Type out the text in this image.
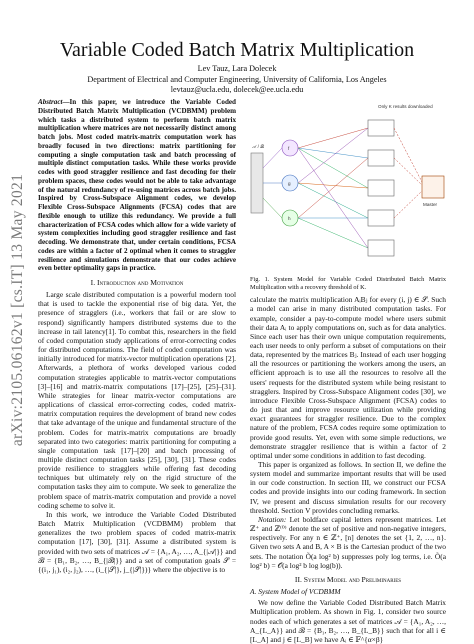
arXiv:2105.06162v1 [cs.IT] 13 May 2021
Variable Coded Batch Matrix Multiplication
Lev Tauz, Lara Dolecek
Department of Electrical and Computer Engineering, University of California, Los Angeles
levtauz@ucla.edu, dolecek@ee.ucla.edu
Abstract—In this paper, we introduce the Variable Coded Distributed Batch Matrix Multiplication (VCDBMM) problem which tasks a distributed system to perform batch matrix multiplication where matrices are not necessarily distinct among batch jobs. Most coded matrix-matrix computation work has broadly focused in two directions: matrix partitioning for computing a single computation task and batch processing of multiple distinct computation tasks. While these works provide codes with good straggler resilience and fast decoding for their problem spaces, these codes would not be able to take advantage of the natural redundancy of re-using matrices across batch jobs. Inspired by Cross-Subspace Alignment codes, we develop Flexible Cross-Subspace Alignments (FCSA) codes that are flexible enough to utilize this redundancy. We provide a full characterization of FCSA codes which allow for a wide variety of system complexities including good straggler resilience and fast decoding. We demonstrate that, under certain conditions, FCSA codes are within a factor of 2 optimal when it comes to straggler resilience and simulations demonstrate that our codes achieve even better optimality gaps in practice.
I. Introduction and Motivation
Large scale distributed computation is a powerful modern tool that is used to tackle the exponential rise of big data. Yet, the presence of stragglers (i.e., workers that fail or are slow to respond) significantly hampers distributed systems due to the increase in tail latency[1]. To combat this, researchers in the field of coded computation study applications of error-correcting codes for distributed computations. The field of coded computation was initially introduced for matrix-vector multiplication operations [2]. Afterwards, a plethora of works developed various coded computation strategies applicable to matrix-vector computations [3]–[16] and matrix-matrix computations [17]–[25], [25]–[31]. While strategies for linear matrix-vector computations are applications of classical error-correcting codes, coded matrix-matrix computation requires the development of brand new codes that take advantage of the unique and fundamental structure of the problem. Codes for matrix-matrix computations are broadly separated into two categories: matrix partitioning for computing a single computation task [17]–[20] and batch processing of multiple distinct computation tasks [25], [30], [31]. These codes provide resilience to stragglers while offering fast decoding techniques but ultimately rely on the rigid structure of the computation tasks they aim to compute. We seek to generalize the problem space of matrix-matrix computation and provide a novel coding scheme to solve it.
In this work, we introduce the Variable Coded Distributed Batch Matrix Multiplication (VCDBMM) problem that generalizes the two problem spaces of coded matrix-matrix computation [17], [30], [31]. Assume a distributed system is provided with two sets of matrices 𝒜 = {A₁, A₂, …, A_{|𝒜|}} and ℬ = {B₁, B₂, …, B_{|ℬ|}} and a set of computation goals 𝒮 = {(i₁, j₁), (i₂, j₂), …, (i_{|𝒮|}, j_{|𝒮|})} where the objective is to
𝒜 / ℬ	f
g
h
Only K results downloaded
Master
Fig. 1. System Model for Variable Coded Distributed Batch Matrix Multiplication with a recovery threshold of K.
calculate the matrix multiplication AᵢBⱼ for every (i, j) ∈ 𝒮. Such a model can arise in many distributed computation tasks. For example, consider a pay-to-compute model where users submit their data Aᵢ to apply computations on, such as for data analytics. Since each user has their own unique computation requirements, each user needs to only perform a subset of computations on their data, represented by the matrices Bⱼ. Instead of each user hogging all the resources or partitioning the workers among the users, an efficient approach is to use all the resources to resolve all the users' requests for the distributed system while being resistant to stragglers. Inspired by Cross-Subspace Alignment codes [30], we introduce Flexible Cross-Subspace Alignment (FCSA) codes to do just that and improve resource utilization while providing exact guarantees for straggler resilience. Due to the complex nature of the problem, FCSA codes require some optimization to provide good results. Yet, even with some simple reductions, we demonstrate straggler resilience that is within a factor of 2 optimal under some conditions in addition to fast decoding.
This paper is organized as follows. In section II, we define the system model and summarize important results that will be used in our code construction. In section III, we construct our FCSA codes and provide insights into our coding framework. In section IV, we present and discuss simulation results for our recovery threshold. Section V provides concluding remarks.
Notation: Let boldface capital letters represent matrices. Let ℤ⁺ and ℤ⁽⁰⁾ denote the set of positive and non-negative integers, respectively. For any n ∈ ℤ⁺, [n] denotes the set {1, 2, …, n}. Given two sets A and B, A × B is the Cartesian product of the two sets. The notation Õ(a log² b) suppresses poly log terms, i.e. Õ(a log² b) = 𝒪(a log² b log log(b)).
II. System Model and Preliminaries
A. System Model of VCDBMM
We now define the Variable Coded Distributed Batch Matrix Multiplication problem. As shown in Fig. 1, consider two source nodes each of which generates a set of matrices 𝒜 = {A₁, A₂, …, A_{L_A}} and ℬ = {B₁, B₂, …, B_{L_B}} such that for all i ∈ [L_A] and j ∈ [L_B] we have Aᵢ ∈ 𝔽^{α×β}
